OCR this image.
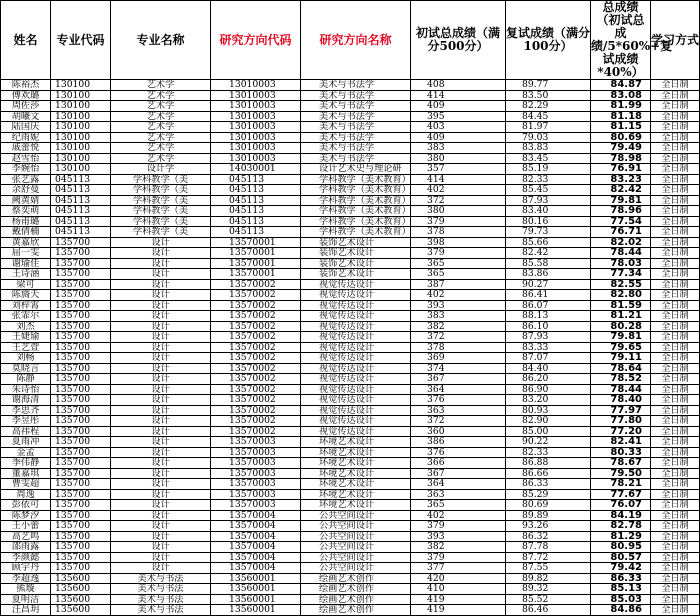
姓名	专业代码	专业名称	研究方向代码	研究方向名称	初试总成绩（满分500分）	复试成绩（满分100分）	总成绩（初试总成绩/5*60%+复试成绩*40%）	学习方式
陈裕杰	130100	艺术学	13010003	美术与书法学	408	89.77	84.87	全日制
傅欢璐	130100	艺术学	13010003	美术与书法学	414	83.50	83.08	全日制
周佐莎	130100	艺术学	13010003	美术与书法学	409	82.29	81.99	全日制
胡曦文	130100	艺术学	13010003	美术与书法学	395	84.45	81.18	全日制
陆国庆	130100	艺术学	13010003	美术与书法学	403	81.97	81.15	全日制
纪雨妮	130100	艺术学	13010003	美术与书法学	409	79.03	80.69	全日制
戚蕾悦	130100	艺术学	13010003	美术与书法学	383	83.83	79.49	全日制
赵雪怡	130100	艺术学	13010003	美术与书法学	380	83.45	78.98	全日制
李婉怡	130100	设计学	14030001	设计艺术史与理论研	357	85.19	76.91	全日制
张艺露	045113	学科教学（美	045113	学科教学（美术教育）	414	82.33	83.23	全日制
余舒曼	045113	学科教学（美	045113	学科教学（美术教育）	402	85.45	82.42	全日制
阙黄婧	045113	学科教学（美	045113	学科教学（美术教育）	372	87.93	79.81	全日制
蔡奕萌	045113	学科教学（美	045113	学科教学（美术教育）	380	83.40	78.96	全日制
杨甫璐	045113	学科教学（美	045113	学科教学（美术教育）	379	80.16	77.54	全日制
戴倩楠	045113	学科教学（美	045113	学科教学（美术教育）	378	79.73	76.71	全日制
黄嘉欣	135700	设计	13570001	装饰艺术设计	398	85.66	82.02	全日制
屈一雯	135700	设计	13570001	装饰艺术设计	379	82.42	78.44	全日制
谢瑜佳	135700	设计	13570001	装饰艺术设计	365	85.58	78.03	全日制
王诗涵	135700	设计	13570001	装饰艺术设计	365	83.86	77.34	全日制
梁可	135700	设计	13570002	视觉传达设计	387	90.27	82.55	全日制
陈旖天	135700	设计	13570002	视觉传达设计	402	86.41	82.80	全日制
刘梓霄	135700	设计	13570002	视觉传达设计	393	86.07	81.59	全日制
张霏尔	135700	设计	13570002	视觉传达设计	383	88.13	81.21	全日制
刘杰	135700	设计	13570002	视觉传达设计	382	86.10	80.28	全日制
王婕瑜	135700	设计	13570002	视觉传达设计	372	87.93	79.81	全日制
王艺萱	135700	设计	13570002	视觉传达设计	378	83.33	79.65	全日制
刘畅	135700	设计	13570002	视觉传达设计	369	87.07	79.11	全日制
莫晓言	135700	设计	13570002	视觉传达设计	374	84.40	78.64	全日制
陈静	135700	设计	13570002	视觉传达设计	367	86.20	78.52	全日制
朱诗怡	135700	设计	13570002	视觉传达设计	364	86.90	78.44	全日制
谢海清	135700	设计	13570002	视觉传达设计	376	83.20	78.40	全日制
李思齐	135700	设计	13570002	视觉传达设计	363	80.93	77.97	全日制
李昱彤	135700	设计	13570002	视觉传达设计	372	82.90	77.80	全日制
高祎程	135700	设计	13570002	视觉传达设计	360	85.00	77.20	全日制
夏雨冲	135700	设计	13570003	环境艺术设计	386	90.22	82.41	全日制
金孟	135700	设计	13570003	环境艺术设计	376	82.33	80.33	全日制
季伟静	135700	设计	13570003	环境艺术设计	366	86.88	78.67	全日制
董嘉琪	135700	设计	13570003	环境艺术设计	367	86.66	79.50	全日制
曹雯超	135700	设计	13570003	环境艺术设计	364	86.33	78.21	全日制
周逸	135700	设计	13570003	环境艺术设计	363	85.29	77.67	全日制
彭依可	135700	设计	13570003	环境艺术设计	365	80.69	76.07	全日制
陈梦汐	135700	设计	13570004	公共空间设计	402	89.89	84.19	全日制
王小蕾	135700	设计	13570004	公共空间设计	379	93.26	82.78	全日制
高艺鸣	135700	设计	13570004	公共空间设计	393	86.32	81.29	全日制
邵雨露	135700	设计	13570004	公共空间设计	382	87.78	80.95	全日制
李颜懿	135700	设计	13570004	公共空间设计	379	87.72	80.57	全日制
顾宇丹	135700	设计	13570004	公共空间设计	377	87.55	79.42	全日制
李超逸	135600	美术与书法	13560001	绘画艺术创作	420	89.82	86.33	全日制
熊璇	135600	美术与书法	13560001	绘画艺术创作	410	89.32	85.13	全日制
夏明洁	135600	美术与书法	13560001	绘画艺术创作	419	85.52	85.03	全日制
汪昌玥	135600	美术与书法	13560001	绘画艺术创作	419	86.46	84.86	全日制
